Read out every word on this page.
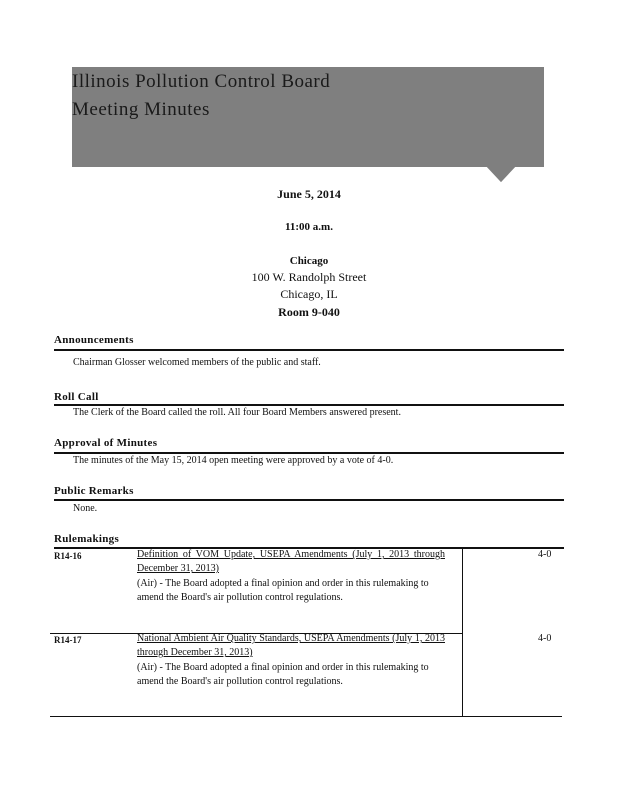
Illinois Pollution Control Board
Meeting Minutes
June 5, 2014
11:00 a.m.
Chicago
100 W. Randolph Street
Chicago, IL
Room 9-040
Announcements
Chairman Glosser welcomed members of the public and staff.
Roll Call
The Clerk of the Board called the roll. All four Board Members answered present.
Approval of Minutes
The minutes of the May 15, 2014 open meeting were approved by a vote of 4-0.
Public Remarks
None.
Rulemakings
R14-16	Definition of VOM Update, USEPA Amendments (July 1, 2013 through December 31, 2013)
(Air) - The Board adopted a final opinion and order in this rulemaking to amend the Board's air pollution control regulations.
4-0
R14-17	National Ambient Air Quality Standards, USEPA Amendments (July 1, 2013 through December 31, 2013)
(Air) - The Board adopted a final opinion and order in this rulemaking to amend the Board's air pollution control regulations.
4-0
